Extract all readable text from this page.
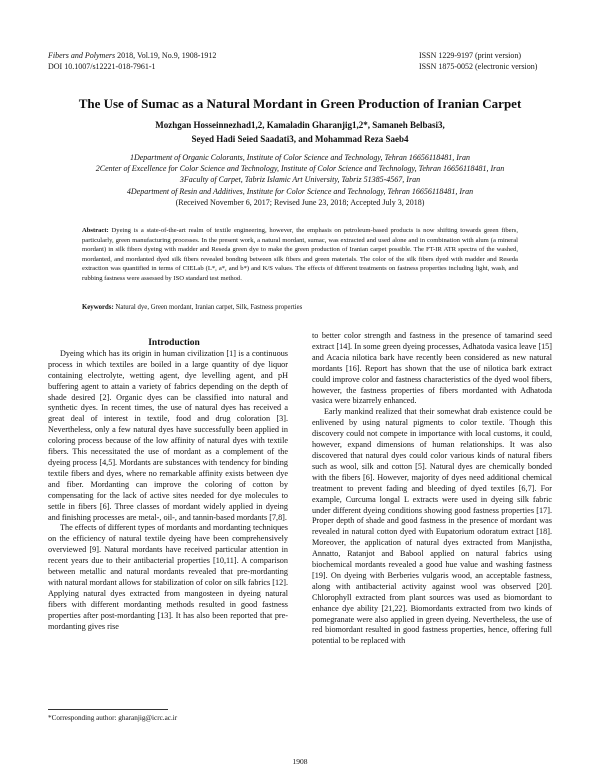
Fibers and Polymers 2018, Vol.19, No.9, 1908-1912
DOI 10.1007/s12221-018-7961-1
ISSN 1229-9197 (print version)
ISSN 1875-0052 (electronic version)
The Use of Sumac as a Natural Mordant in Green Production of Iranian Carpet
Mozhgan Hosseinnezhad1,2, Kamaladin Gharanjig1,2*, Samaneh Belbasi3,
Seyed Hadi Seied Saadati3, and Mohammad Reza Saeb4
1Department of Organic Colorants, Institute of Color Science and Technology, Tehran 16656118481, Iran
2Center of Excellence for Color Science and Technology, Institute of Color Science and Technology, Tehran 16656118481, Iran
3Faculty of Carpet, Tabriz Islamic Art University, Tabriz 51385-4567, Iran
4Department of Resin and Additives, Institute for Color Science and Technology, Tehran 16656118481, Iran
(Received November 6, 2017; Revised June 23, 2018; Accepted July 3, 2018)
Abstract: Dyeing is a state-of-the-art realm of textile engineering, however, the emphasis on petroleum-based products is now shifting towards green fibers, particularly, green manufacturing processes. In the present work, a natural mordant, sumac, was extracted and used alone and in combination with alum (a mineral mordant) in silk fibers dyeing with madder and Reseda green dye to make the green production of Iranian carpet possible. The FT-IR ATR spectra of the washed, mordanted, and mordanted dyed silk fibers revealed bonding between silk fibers and green materials. The color of the silk fibers dyed with madder and Reseda extraction was quantified in terms of CIELab (L*, a*, and b*) and K/S values. The effects of different treatments on fastness properties including light, wash, and rubbing fastness were assessed by ISO standard test method.
Keywords: Natural dye, Green mordant, Iranian carpet, Silk, Fastness properties

Introduction

Dyeing which has its origin in human civilization [1] is a continuous process in which textiles are boiled in a large quantity of dye liquor containing electrolyte, wetting agent, dye levelling agent, and pH buffering agent to attain a variety of fabrics depending on the depth of shade desired [2]. Organic dyes can be classified into natural and synthetic dyes. In recent times, the use of natural dyes has received a great deal of interest in textile, food and drug coloration [3]. Nevertheless, only a few natural dyes have successfully been applied in coloring process because of the low affinity of natural dyes with textile fibers. This necessitated the use of mordant as a complement of the dyeing process [4,5]. Mordants are substances with tendency for binding textile fibers and dyes, where no remarkable affinity exists between dye and fiber. Mordanting can improve the coloring of cotton by compensating for the lack of active sites needed for dye molecules to settle in fibers [6]. Three classes of mordant widely applied in dyeing and finishing processes are metal-, oil-, and tannin-based mordants [7,8].

The effects of different types of mordants and mordanting techniques on the efficiency of natural textile dyeing have been comprehensively overviewed [9]. Natural mordants have received particular attention in recent years due to their antibacterial properties [10,11]. A comparison between metallic and natural mordants revealed that pre-mordanting with natural mordant allows for stabilization of color on silk fabrics [12]. Applying natural dyes extracted from mangosteen in dyeing natural fibers with different mordanting methods resulted in good fastness properties after post-mordanting [13]. It has also been reported that pre-mordanting gives rise

to better color strength and fastness in the presence of tamarind seed extract [14]. In some green dyeing processes, Adhatoda vasica leave [15] and Acacia nilotica bark have recently been considered as new natural mordants [16]. Report has shown that the use of nilotica bark extract could improve color and fastness characteristics of the dyed wool fibers, however, the fastness properties of fibers mordanted with Adhatoda vasica were bizarrely enhanced.

Early mankind realized that their somewhat drab existence could be enlivened by using natural pigments to color textile. Though this discovery could not compete in importance with local customs, it could, however, expand dimensions of human relationships. It was also discovered that natural dyes could color various kinds of natural fibers such as wool, silk and cotton [5]. Natural dyes are chemically bonded with the fibers [6]. However, majority of dyes need additional chemical treatment to prevent fading and bleeding of dyed textiles [6,7]. For example, Curcuma longal L extracts were used in dyeing silk fabric under different dyeing conditions showing good fastness properties [17]. Proper depth of shade and good fastness in the presence of mordant was revealed in natural cotton dyed with Eupatorium odoratum extract [18]. Moreover, the application of natural dyes extracted from Manjistha, Annatto, Ratanjot and Babool applied on natural fabrics using biochemical mordants revealed a good hue value and washing fastness [19]. On dyeing with Berberies vulgaris wood, an acceptable fastness, along with antibacterial activity against wool was observed [20]. Chlorophyll extracted from plant sources was used as biomordant to enhance dye ability [21,22]. Biomordants extracted from two kinds of pomegranate were also applied in green dyeing. Nevertheless, the use of red biomordant resulted in good fastness properties, hence, offering full potential to be replaced with

*Corresponding author: gharanjig@icrc.ac.ir
1908
